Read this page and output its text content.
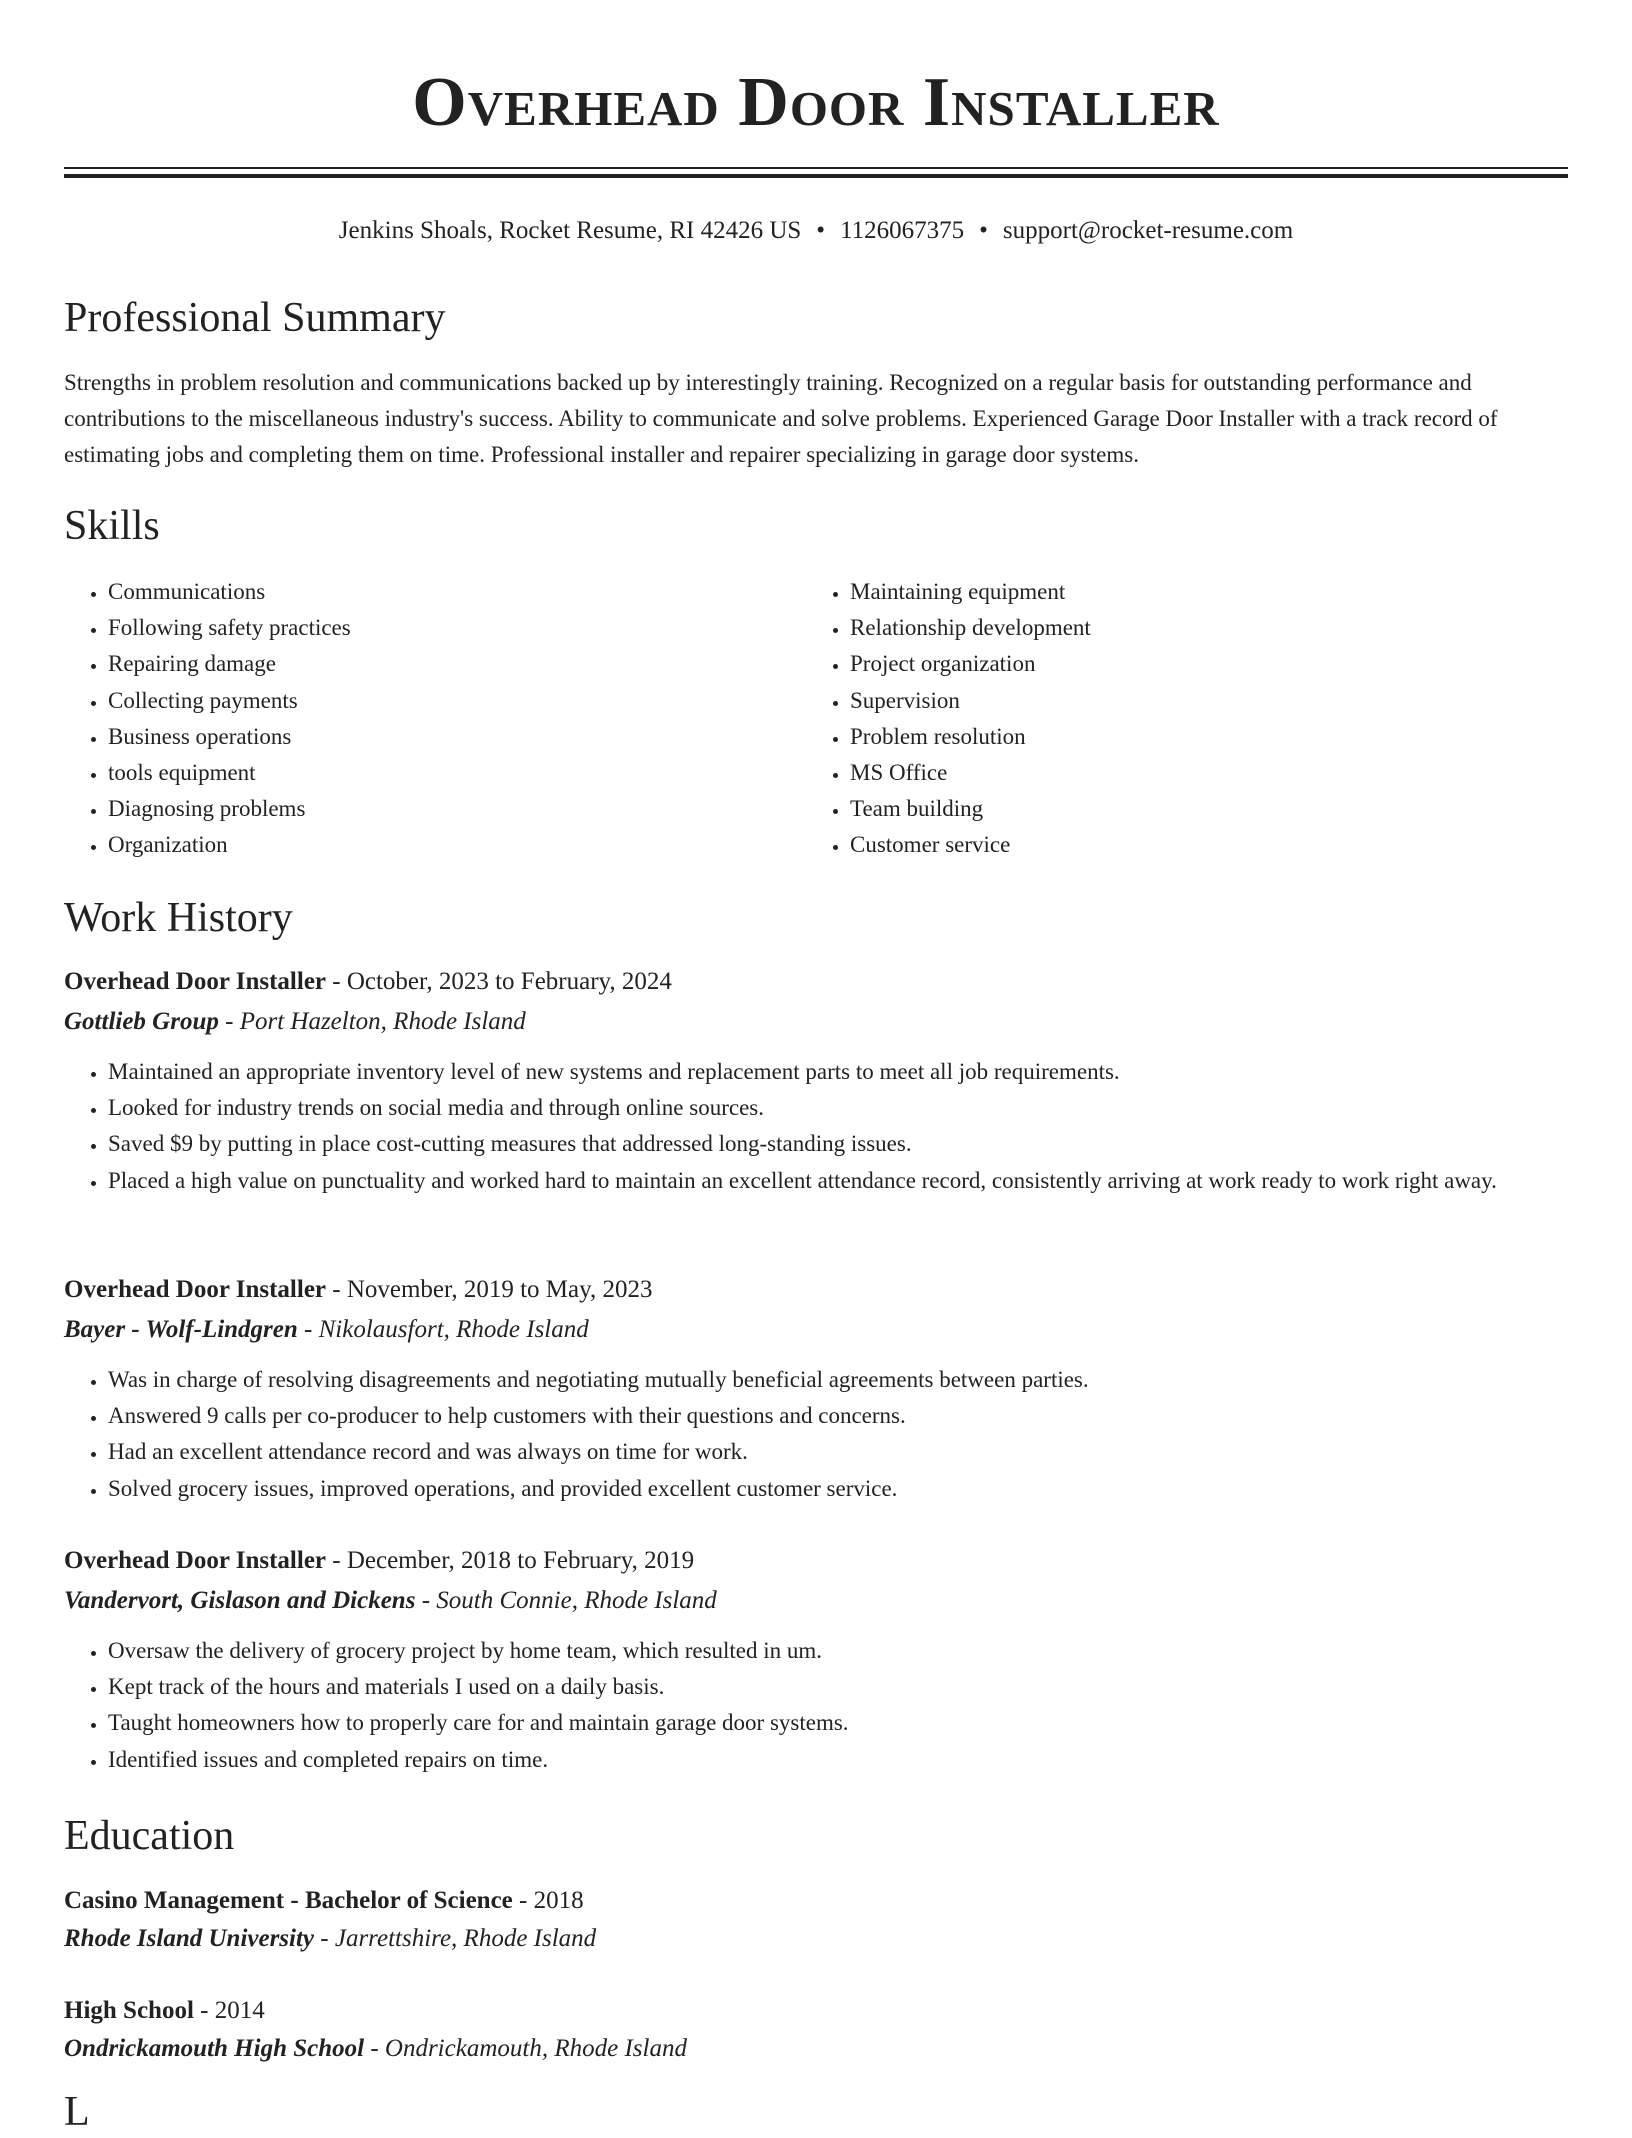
Overhead Door Installer
Jenkins Shoals, Rocket Resume, RI 42426 US • 1126067375 • support@rocket-resume.com
Professional Summary

Strengths in problem resolution and communications backed up by interestingly training. Recognized on a regular basis for outstanding performance and contributions to the miscellaneous industry's success. Ability to communicate and solve problems. Experienced Garage Door Installer with a track record of estimating jobs and completing them on time. Professional installer and repairer specializing in garage door systems.

Skills
• Communications
• Following safety practices
• Repairing damage
• Collecting payments
• Business operations
• tools equipment
• Diagnosing problems
• Organization
• Maintaining equipment
• Relationship development
• Project organization
• Supervision
• Problem resolution
• MS Office
• Team building
• Customer service
Work History
Overhead Door Installer - October, 2023 to February, 2024
Gottlieb Group - Port Hazelton, Rhode Island
• Maintained an appropriate inventory level of new systems and replacement parts to meet all job requirements.
• Looked for industry trends on social media and through online sources.
• Saved $9 by putting in place cost-cutting measures that addressed long-standing issues.
• Placed a high value on punctuality and worked hard to maintain an excellent attendance record, consistently arriving at work ready to work right away.
Overhead Door Installer - November, 2019 to May, 2023
Bayer - Wolf-Lindgren - Nikolausfort, Rhode Island
• Was in charge of resolving disagreements and negotiating mutually beneficial agreements between parties.
• Answered 9 calls per co-producer to help customers with their questions and concerns.
• Had an excellent attendance record and was always on time for work.
• Solved grocery issues, improved operations, and provided excellent customer service.
Overhead Door Installer - December, 2018 to February, 2019
Vandervort, Gislason and Dickens - South Connie, Rhode Island
• Oversaw the delivery of grocery project by home team, which resulted in um.
• Kept track of the hours and materials I used on a daily basis.
• Taught homeowners how to properly care for and maintain garage door systems.
• Identified issues and completed repairs on time.
Education
Casino Management - Bachelor of Science - 2018
Rhode Island University - Jarrettshire, Rhode Island
High School - 2014
Ondrickamouth High School - Ondrickamouth, Rhode Island
L
